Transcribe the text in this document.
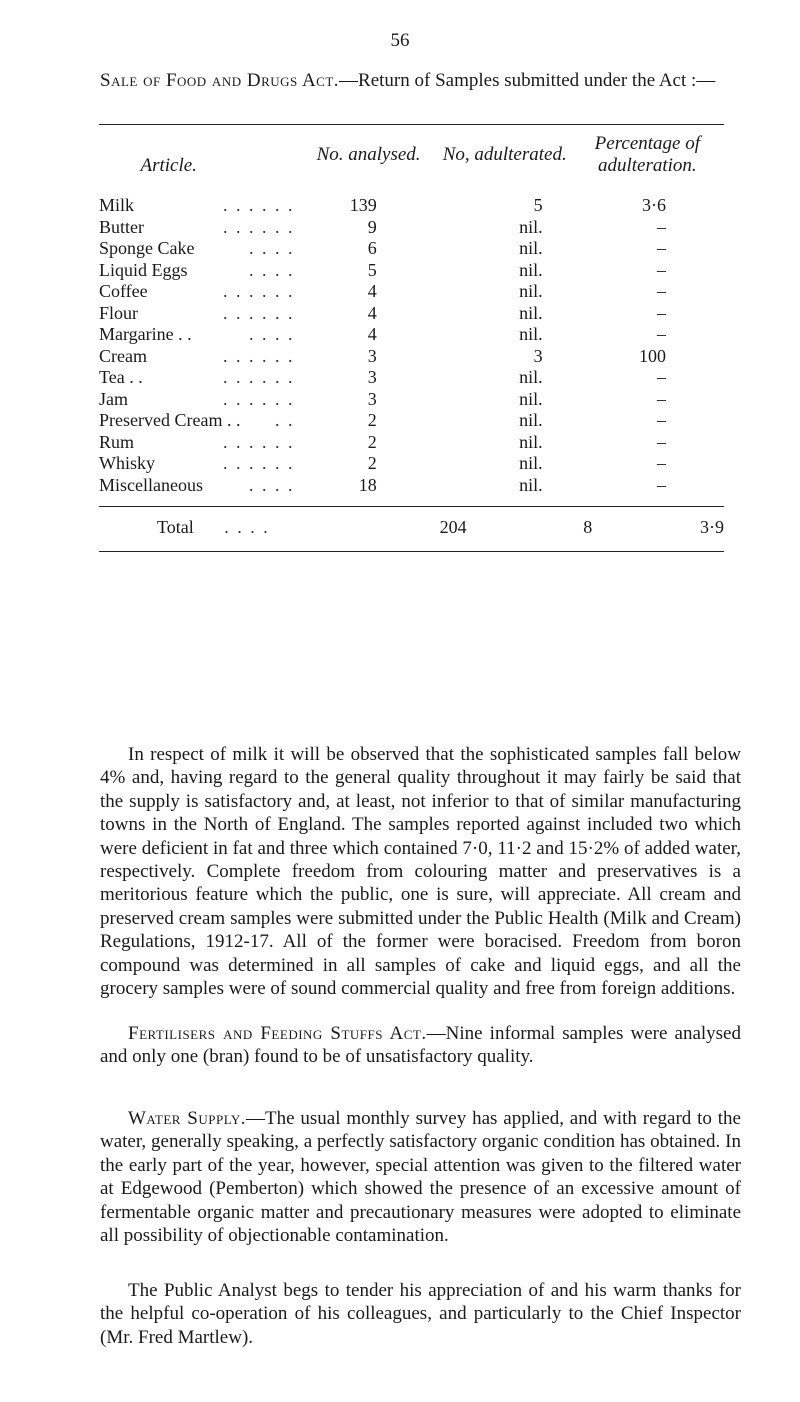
56
Sale of Food and Drugs Act.—Return of Samples submitted under the Act :—
Article.	No. analysed.	No, adulterated.	Percentage of adulteration.
Milk . . . . . .	139	5	3·6
Butter . . . . . .	9	nil.	–
Sponge Cake . . . .	6	nil.	–
Liquid Eggs . . . .	5	nil.	–
Coffee . . . . . .	4	nil.	–
Flour . . . . . .	4	nil.	–
Margarine . . . . . .	4	nil.	–
Cream . . . . . .	3	3	100
Tea . . . . . . . .	3	nil.	–
Jam . . . . . .	3	nil.	–
Preserved Cream . . . .	2	nil.	–
Rum . . . . . .	2	nil.	–
Whisky . . . . . .	2	nil.	–
Miscellaneous . . . .	18	nil.	–
Total . . . .	204	8	3·9

In respect of milk it will be observed that the sophisticated samples fall below 4% and, having regard to the general quality throughout it may fairly be said that the supply is satisfactory and, at least, not inferior to that of similar manufacturing towns in the North of England. The samples reported against included two which were deficient in fat and three which contained 7·0, 11·2 and 15·2% of added water, respectively. Complete freedom from colouring matter and preservatives is a meritorious feature which the public, one is sure, will appreciate. All cream and preserved cream samples were submitted under the Public Health (Milk and Cream) Regulations, 1912-17. All of the former were boracised. Freedom from boron compound was determined in all samples of cake and liquid eggs, and all the grocery samples were of sound commercial quality and free from foreign additions.

Fertilisers and Feeding Stuffs Act.—Nine informal samples were analysed and only one (bran) found to be of unsatisfactory quality.

Water Supply.—The usual monthly survey has applied, and with regard to the water, generally speaking, a perfectly satisfactory organic condition has obtained. In the early part of the year, however, special attention was given to the filtered water at Edgewood (Pemberton) which showed the presence of an excessive amount of fermentable organic matter and precautionary measures were adopted to eliminate all possibility of objectionable contamination.

The Public Analyst begs to tender his appreciation of and his warm thanks for the helpful co-operation of his colleagues, and particularly to the Chief Inspector (Mr. Fred Martlew).
